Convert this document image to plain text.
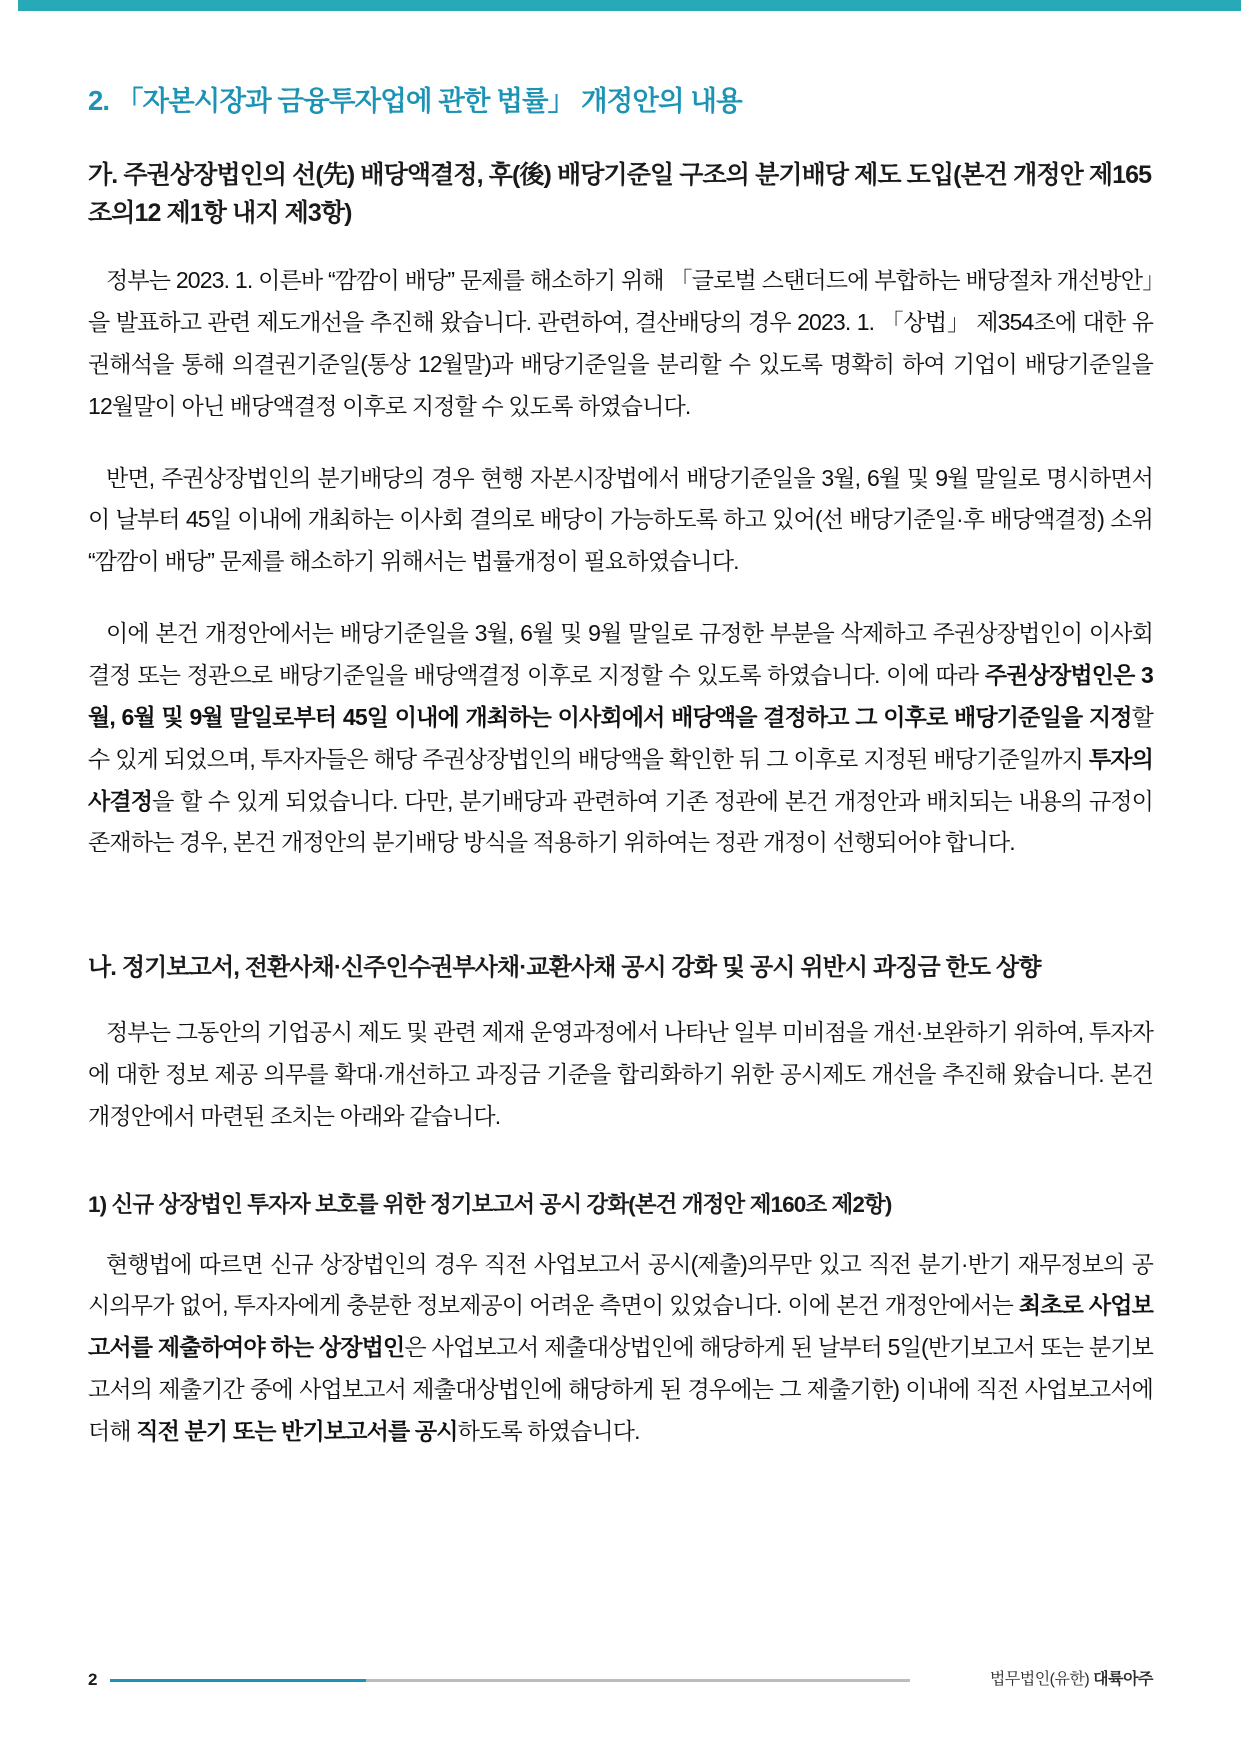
2. 「자본시장과 금융투자업에 관한 법률」 개정안의 내용
가. 주권상장법인의 선(先) 배당액결정, 후(後) 배당기준일 구조의 분기배당 제도 도입(본건 개정안 제165조의12 제1항 내지 제3항)

정부는 2023. 1. 이른바 “깜깜이 배당” 문제를 해소하기 위해 「글로벌 스탠더드에 부합하는 배당절차 개선방안」을 발표하고 관련 제도개선을 추진해 왔습니다. 관련하여, 결산배당의 경우 2023. 1. 「상법」 제354조에 대한 유권해석을 통해 의결권기준일(통상 12월말)과 배당기준일을 분리할 수 있도록 명확히 하여 기업이 배당기준일을 12월말이 아닌 배당액결정 이후로 지정할 수 있도록 하였습니다.

반면, 주권상장법인의 분기배당의 경우 현행 자본시장법에서 배당기준일을 3월, 6월 및 9월 말일로 명시하면서 이 날부터 45일 이내에 개최하는 이사회 결의로 배당이 가능하도록 하고 있어(선 배당기준일·후 배당액결정) 소위 “깜깜이 배당” 문제를 해소하기 위해서는 법률개정이 필요하였습니다.

이에 본건 개정안에서는 배당기준일을 3월, 6월 및 9월 말일로 규정한 부분을 삭제하고 주권상장법인이 이사회 결정 또는 정관으로 배당기준일을 배당액결정 이후로 지정할 수 있도록 하였습니다. 이에 따라 주권상장법인은 3월, 6월 및 9월 말일로부터 45일 이내에 개최하는 이사회에서 배당액을 결정하고 그 이후로 배당기준일을 지정할 수 있게 되었으며, 투자자들은 해당 주권상장법인의 배당액을 확인한 뒤 그 이후로 지정된 배당기준일까지 투자의사결정을 할 수 있게 되었습니다. 다만, 분기배당과 관련하여 기존 정관에 본건 개정안과 배치되는 내용의 규정이 존재하는 경우, 본건 개정안의 분기배당 방식을 적용하기 위하여는 정관 개정이 선행되어야 합니다.

나. 정기보고서, 전환사채·신주인수권부사채·교환사채 공시 강화 및 공시 위반시 과징금 한도 상향

정부는 그동안의 기업공시 제도 및 관련 제재 운영과정에서 나타난 일부 미비점을 개선·보완하기 위하여, 투자자에 대한 정보 제공 의무를 확대·개선하고 과징금 기준을 합리화하기 위한 공시제도 개선을 추진해 왔습니다. 본건 개정안에서 마련된 조치는 아래와 같습니다.

1) 신규 상장법인 투자자 보호를 위한 정기보고서 공시 강화(본건 개정안 제160조 제2항)

현행법에 따르면 신규 상장법인의 경우 직전 사업보고서 공시(제출)의무만 있고 직전 분기·반기 재무정보의 공시의무가 없어, 투자자에게 충분한 정보제공이 어려운 측면이 있었습니다. 이에 본건 개정안에서는 최초로 사업보고서를 제출하여야 하는 상장법인은 사업보고서 제출대상법인에 해당하게 된 날부터 5일(반기보고서 또는 분기보고서의 제출기간 중에 사업보고서 제출대상법인에 해당하게 된 경우에는 그 제출기한) 이내에 직전 사업보고서에 더해 직전 분기 또는 반기보고서를 공시하도록 하였습니다.

2	법무법인(유한) 대륙아주
